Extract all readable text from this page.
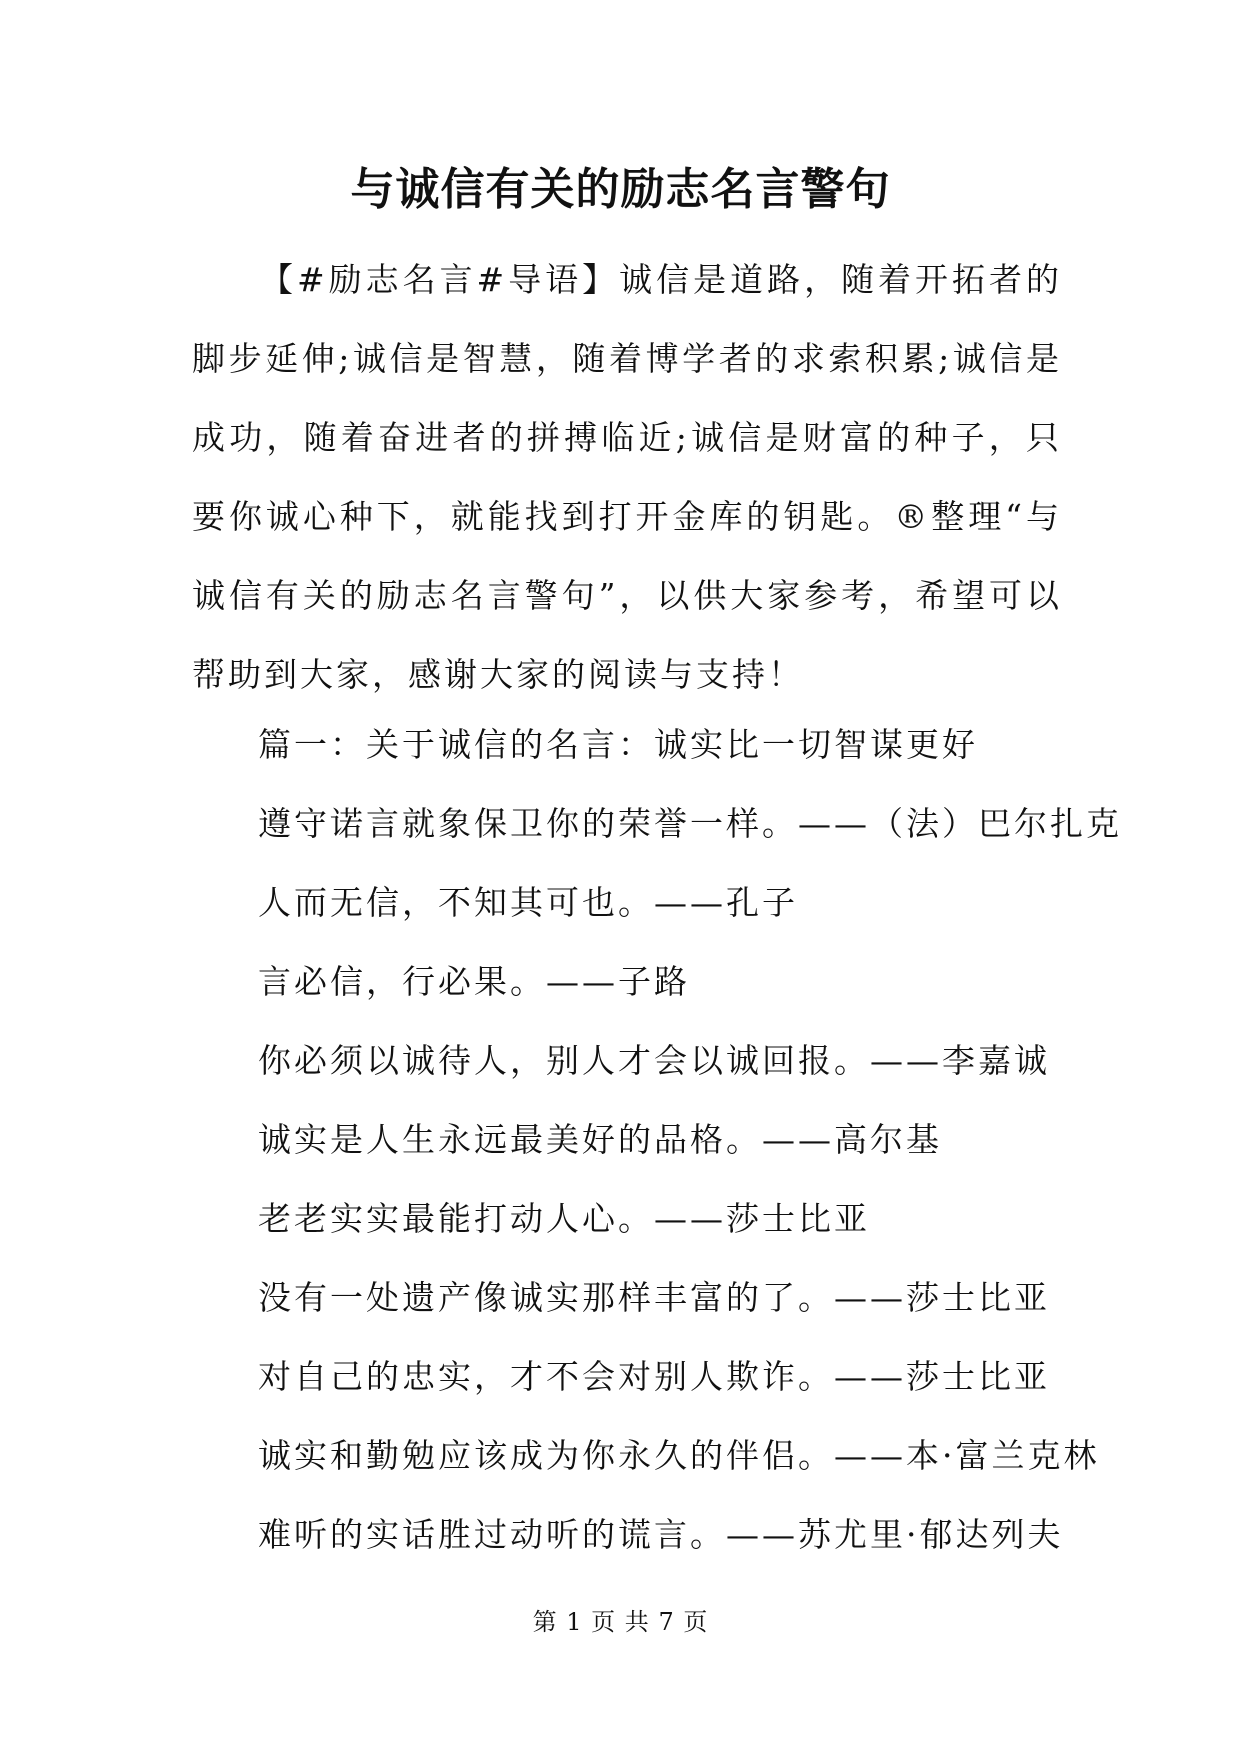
与诚信有关的励志名言警句

【#励志名言#导语】诚信是道路，随着开拓者的脚步延伸;诚信是智慧，随着博学者的求索积累;诚信是成功，随着奋进者的拼搏临近;诚信是财富的种子，只要你诚心种下，就能找到打开金库的钥匙。®整理“与诚信有关的励志名言警句”，以供大家参考，希望可以帮助到大家，感谢大家的阅读与支持！

篇一：关于诚信的名言：诚实比一切智谋更好
遵守诺言就象保卫你的荣誉一样。——（法）巴尔扎克
人而无信，不知其可也。——孔子
言必信，行必果。——子路
你必须以诚待人，别人才会以诚回报。——李嘉诚
诚实是人生永远最美好的品格。——高尔基
老老实实最能打动人心。——莎士比亚
没有一处遗产像诚实那样丰富的了。——莎士比亚
对自己的忠实，才不会对别人欺诈。——莎士比亚
诚实和勤勉应该成为你永久的伴侣。——本·富兰克林
难听的实话胜过动听的谎言。——苏尤里·郁达列夫
第 1 页 共 7 页
